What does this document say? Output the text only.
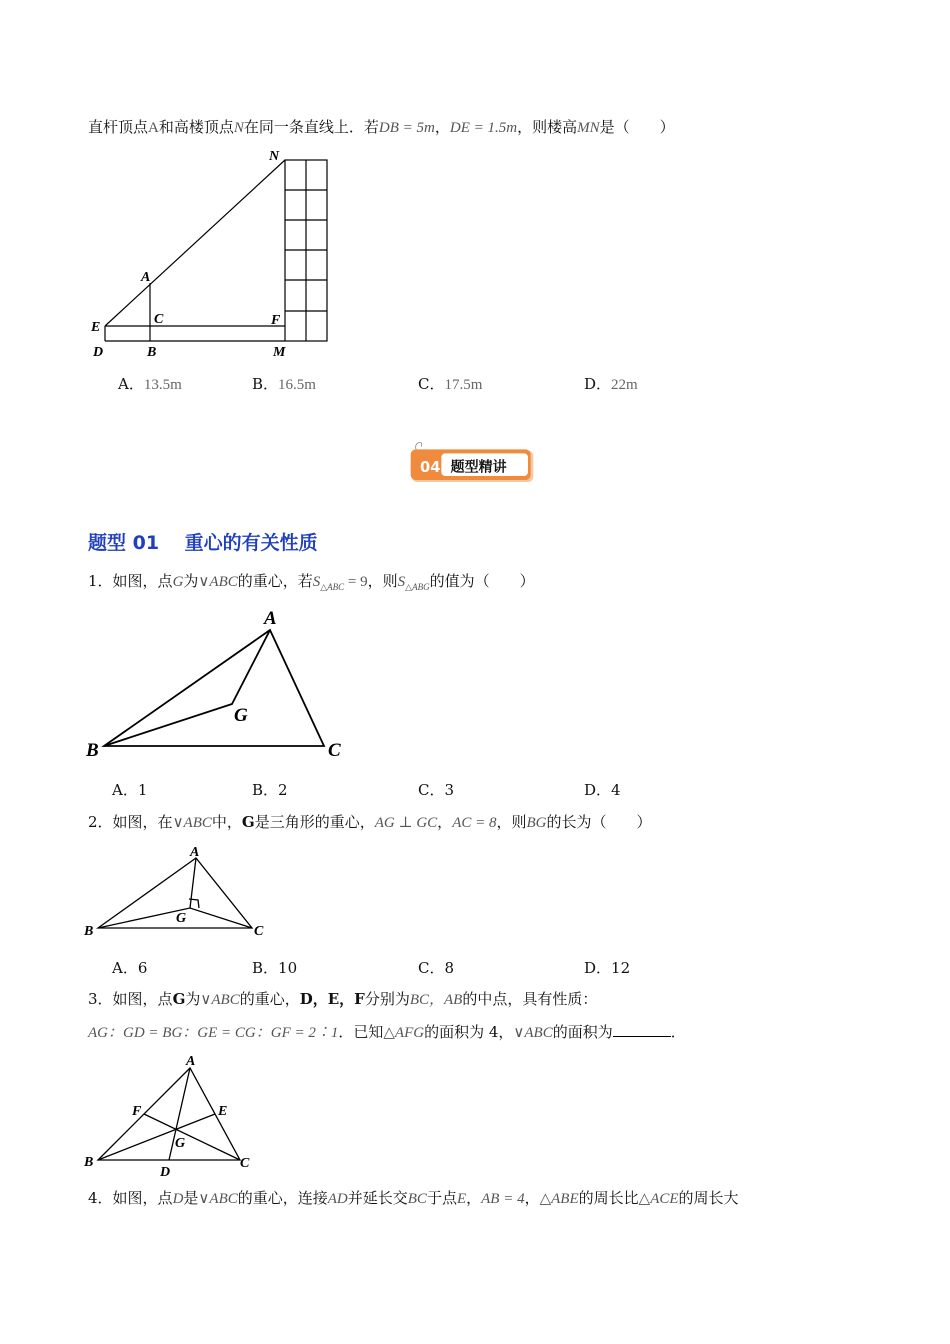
直杆顶点A和高楼顶点N在同一条直线上．若DB = 5m，DE = 1.5m，则楼高MN是（　　）
N
A
E
C	F
D	B	M
A．13.5m	B．16.5m	C．17.5m	D．22m
04 题型精讲
题型 01　 重心的有关性质
1．如图，点G为∨ABC的重心，若$S_{\triangle ABC} = 9$，则$S_{\triangle ABG}$的值为（　　）
A
B	C
G
A．1	B．2	C．3	D．4
2．如图，在∨ABC中，G是三角形的重心，AG ⊥ GC，AC = 8，则BG的长为（　　）
A
B	C
G
A．6	B．10	C．8	D．12
3．如图，点G为∨ABC的重心，D，E，F分别为BC，AB的中点，具有性质：
AG：GD = BG：GE = CG：GF = 2∶1．已知△AFG的面积为 4，∨ABC的面积为	．
A
B	C
D
E
F
G
4．如图，点D是∨ABC的重心，连接AD并延长交BC于点E，AB = 4，△ABE的周长比△ACE的周长大
